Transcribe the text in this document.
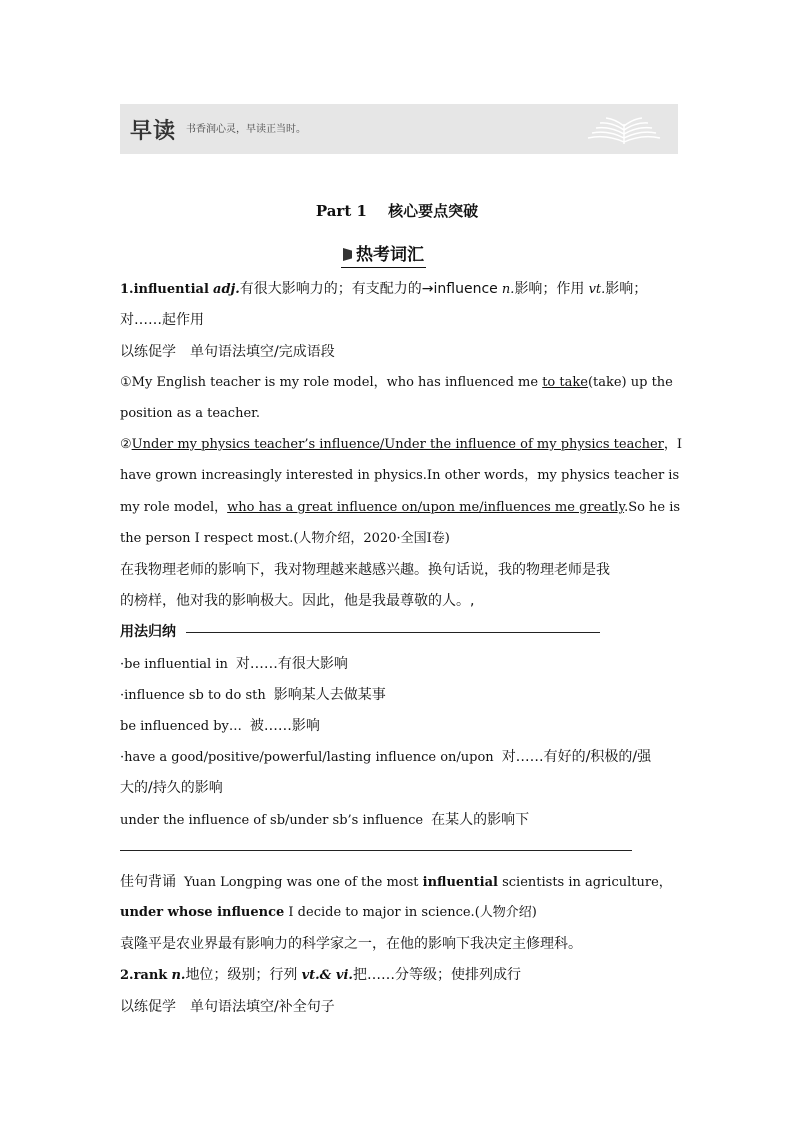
早读 书香润心灵，早读正当时。
Part 1 核心要点突破
热考词汇
1.influential adj.有很大影响力的；有支配力的→influence n.影响；作用 vt.影响；
对……起作用
以练促学　单句语法填空/完成语段
①My English teacher is my role model，who has influenced me to take(take) up the
position as a teacher.
②Under my physics teacher’s influence/Under the influence of my physics teacher，I
have grown increasingly interested in physics.In other words，my physics teacher is
my role model，who has a great influence on/upon me/influences me greatly.So he is
the person I respect most.(人物介绍，2020·全国Ⅰ卷)
在我物理老师的影响下，我对物理越来越感兴趣。换句话说，我的物理老师是我
的榜样，他对我的影响极大。因此，他是我最尊敬的人。,
用法归纳
·be influential in 对……有很大影响
·influence sb to do sth 影响某人去做某事
be influenced by… 被……影响
·have a good/positive/powerful/lasting influence on/upon 对……有好的/积极的/强
大的/持久的影响
under the influence of sb/under sb’s influence 在某人的影响下
佳句背诵 Yuan Longping was one of the most influential scientists in agriculture，
under whose influence I decide to major in science.(人物介绍)
袁隆平是农业界最有影响力的科学家之一，在他的影响下我决定主修理科。
2.rank n.地位；级别；行列 vt.& vi.把……分等级；使排列成行
以练促学　单句语法填空/补全句子
